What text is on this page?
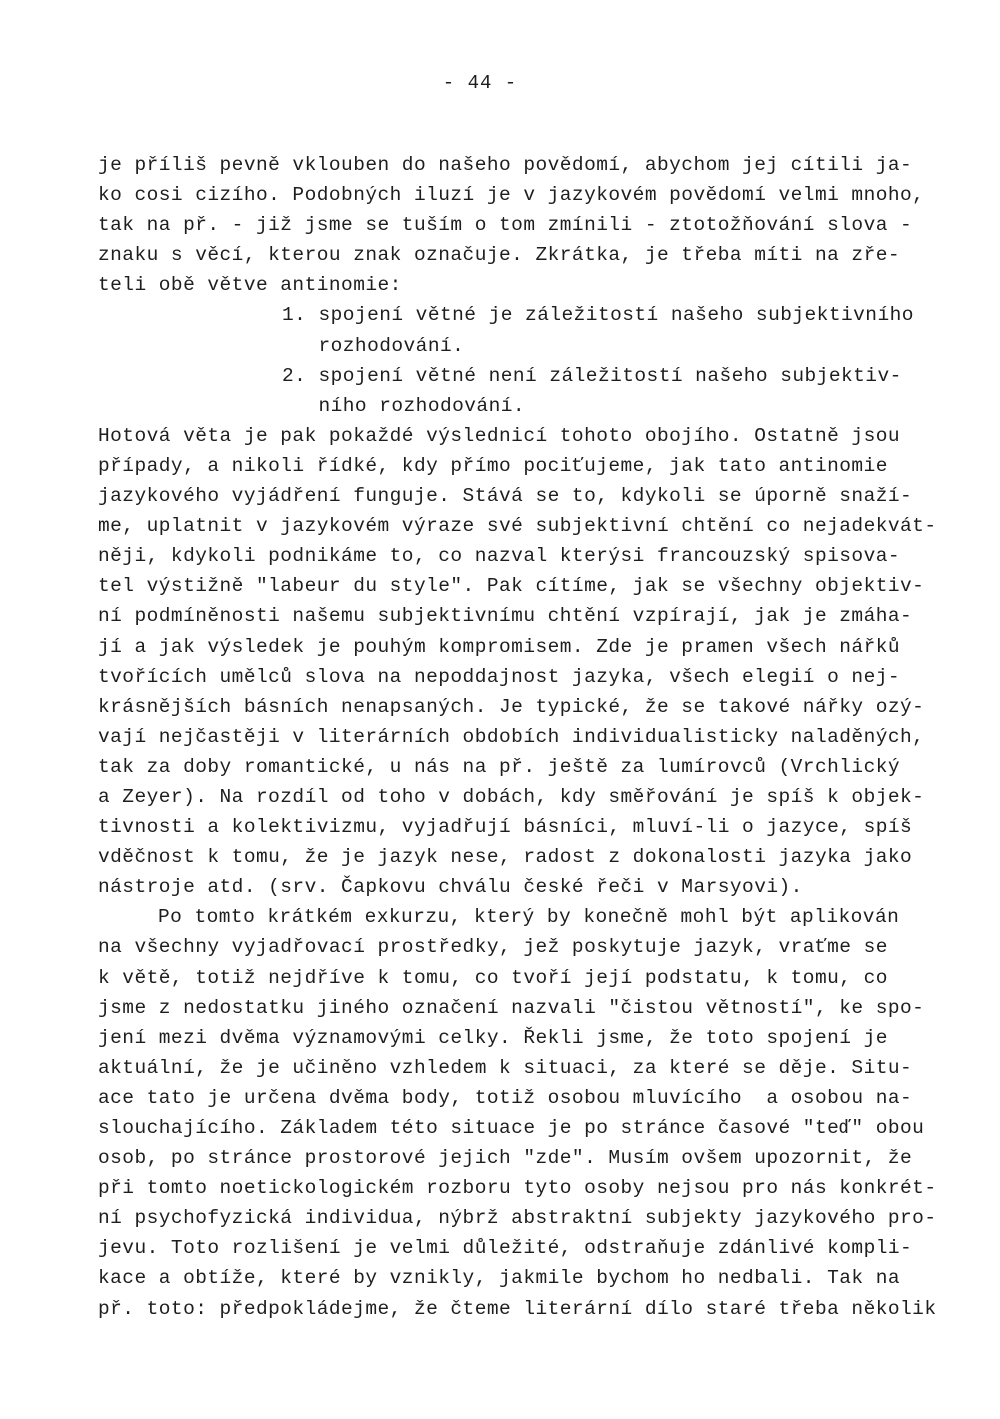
- 44 -
je příliš pevně vklouben do našeho povědomí, abychom jej cítili ja-
ko cosi cizího. Podobných iluzí je v jazykovém povědomí velmi mnoho,
tak na př. - již jsme se tuším o tom zmínili - ztotožňování slova -
znaku s věcí, kterou znak označuje. Zkrátka, je třeba míti na zře-
teli obě větve antinomie:
1. spojení větné je záležitostí našeho subjektivního
rozhodování.
2. spojení větné není záležitostí našeho subjektiv-
ního rozhodování.
Hotová věta je pak pokaždé výslednicí tohoto obojího. Ostatně jsou
případy, a nikoli řídké, kdy přímo pociťujeme, jak tato antinomie
jazykového vyjádření funguje. Stává se to, kdykoli se úporně snaží-
me, uplatnit v jazykovém výraze své subjektivní chtění co nejadekvát-
něji, kdykoli podnikáme to, co nazval kterýsi francouzský spisova-
tel výstižně "labeur du style". Pak cítíme, jak se všechny objektiv-
ní podmíněnosti našemu subjektivnímu chtění vzpírají, jak je zmáha-
jí a jak výsledek je pouhým kompromisem. Zde je pramen všech nářků
tvořících umělců slova na nepoddajnost jazyka, všech elegií o nej-
krásnějších básních nenapsaných. Je typické, že se takové nářky ozý-
vají nejčastěji v literárních obdobích individualisticky naladěných,
tak za doby romantické, u nás na př. ještě za lumírovců (Vrchlický
a Zeyer). Na rozdíl od toho v dobách, kdy směřování je spíš k objek-
tivnosti a kolektivizmu, vyjadřují básníci, mluví-li o jazyce, spíš
vděčnost k tomu, že je jazyk nese, radost z dokonalosti jazyka jako
nástroje atd. (srv. Čapkovu chválu české řeči v Marsyovi).
Po tomto krátkém exkurzu, který by konečně mohl být aplikován
na všechny vyjadřovací prostředky, jež poskytuje jazyk, vraťme se
k větě, totiž nejdříve k tomu, co tvoří její podstatu, k tomu, co
jsme z nedostatku jiného označení nazvali "čistou větností", ke spo-
jení mezi dvěma významovými celky. Řekli jsme, že toto spojení je
aktuální, že je učiněno vzhledem k situaci, za které se děje. Situ-
ace tato je určena dvěma body, totiž osobou mluvícího  a osobou na-
slouchajícího. Základem této situace je po stránce časové "teď" obou
osob, po stránce prostorové jejich "zde". Musím ovšem upozornit, že
při tomto noetickologickém rozboru tyto osoby nejsou pro nás konkrét-
ní psychofyzická individua, nýbrž abstraktní subjekty jazykového pro-
jevu. Toto rozlišení je velmi důležité, odstraňuje zdánlivé kompli-
kace a obtíže, které by vznikly, jakmile bychom ho nedbali. Tak na
př. toto: předpokládejme, že čteme literární dílo staré třeba několik
